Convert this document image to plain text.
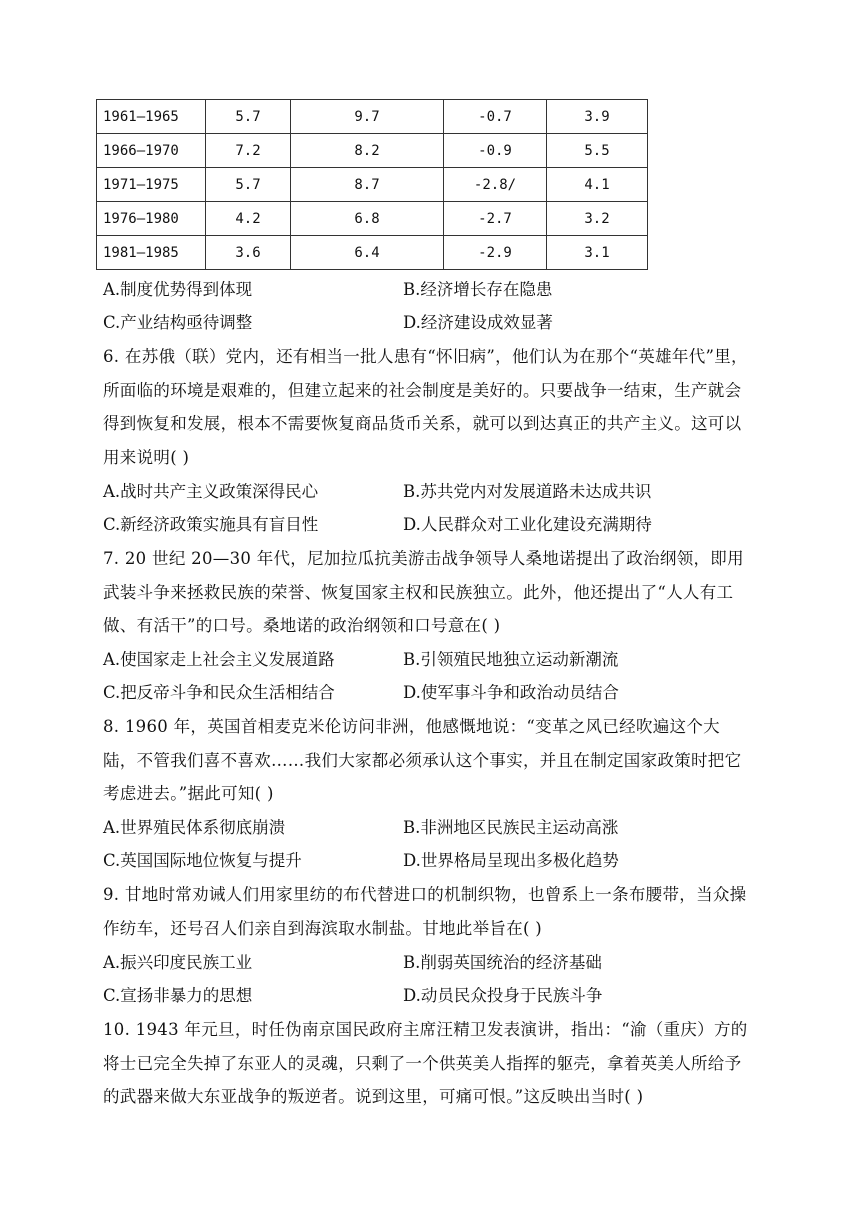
1961—1965	5.7	9.7	-0.7	3.9
1966—1970	7.2	8.2	-0.9	5.5
1971—1975	5.7	8.7	-2.8/	4.1
1976—1980	4.2	6.8	-2.7	3.2
1981—1985	3.6	6.4	-2.9	3.1
A.制度优势得到体现	B.经济增长存在隐患
C.产业结构亟待调整	D.经济建设成效显著
6. 在苏俄（联）党内，还有相当一批人患有“怀旧病”，他们认为在那个“英雄年代”里，所面临的环境是艰难的，但建立起来的社会制度是美好的。只要战争一结束，生产就会得到恢复和发展，根本不需要恢复商品货币关系，就可以到达真正的共产主义。这可以用来说明( )
A.战时共产主义政策深得民心	B.苏共党内对发展道路未达成共识
C.新经济政策实施具有盲目性	D.人民群众对工业化建设充满期待
7. 20 世纪 20—30 年代，尼加拉瓜抗美游击战争领导人桑地诺提出了政治纲领，即用武装斗争来拯救民族的荣誉、恢复国家主权和民族独立。此外，他还提出了“人人有工做、有活干”的口号。桑地诺的政治纲领和口号意在( )
A.使国家走上社会主义发展道路	B.引领殖民地独立运动新潮流
C.把反帝斗争和民众生活相结合	D.使军事斗争和政治动员结合
8. 1960 年，英国首相麦克米伦访问非洲，他感慨地说：“变革之风已经吹遍这个大陆，不管我们喜不喜欢……我们大家都必须承认这个事实，并且在制定国家政策时把它考虑进去。”据此可知( )
A.世界殖民体系彻底崩溃	B.非洲地区民族民主运动高涨
C.英国国际地位恢复与提升	D.世界格局呈现出多极化趋势
9. 甘地时常劝诫人们用家里纺的布代替进口的机制织物，也曾系上一条布腰带，当众操作纺车，还号召人们亲自到海滨取水制盐。甘地此举旨在( )
A.振兴印度民族工业	B.削弱英国统治的经济基础
C.宣扬非暴力的思想	D.动员民众投身于民族斗争
10. 1943 年元旦，时任伪南京国民政府主席汪精卫发表演讲，指出：“渝（重庆）方的将士已完全失掉了东亚人的灵魂，只剩了一个供英美人指挥的躯壳，拿着英美人所给予的武器来做大东亚战争的叛逆者。说到这里，可痛可恨。”这反映出当时( )
